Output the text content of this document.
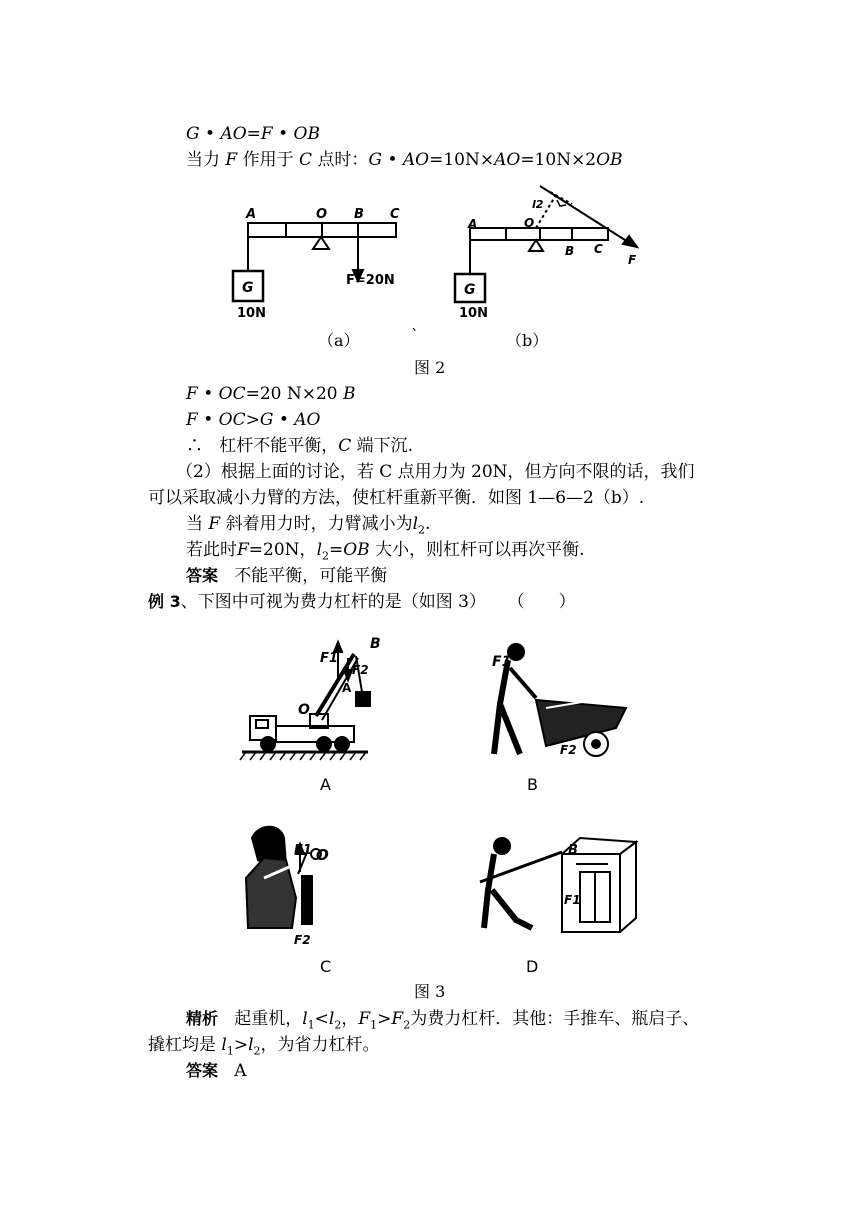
G • AO=F • OB
当力 F 作用于 C 点时：G • AO=10N×AO=10N×2OB
A	O B C
G
10N
F=20N
A	O
B C
G
10N
F
l2
（a）	`	（b）
图 2
F • OC=20 N×20 B
F • OC>G • AO
∴ 杠杆不能平衡，C 端下沉.
（2）根据上面的讨论，若 C 点用力为 20N，但方向不限的话，我们
可以采取减小力臂的方法，使杠杆重新平衡．如图 1—6—2（b）.
当 F 斜着用力时，力臂减小为$l_2$.
若此时F=20N，$l_2=OB$ 大小，则杠杆可以再次平衡.
答案 不能平衡，可能平衡
例 3、下图中可视为费力杠杆的是（如图 3） （　　）
F1
F2
B
O
A
A
F1
F2
B
F1 O
F2
C
B
F1
D
图 3
精析 起重机，$l_1<l_2$，$F_1>F_2$为费力杠杆．其他：手推车、瓶启子、
撬杠均是 $l_1>l_2$，为省力杠杆。
答案 A
